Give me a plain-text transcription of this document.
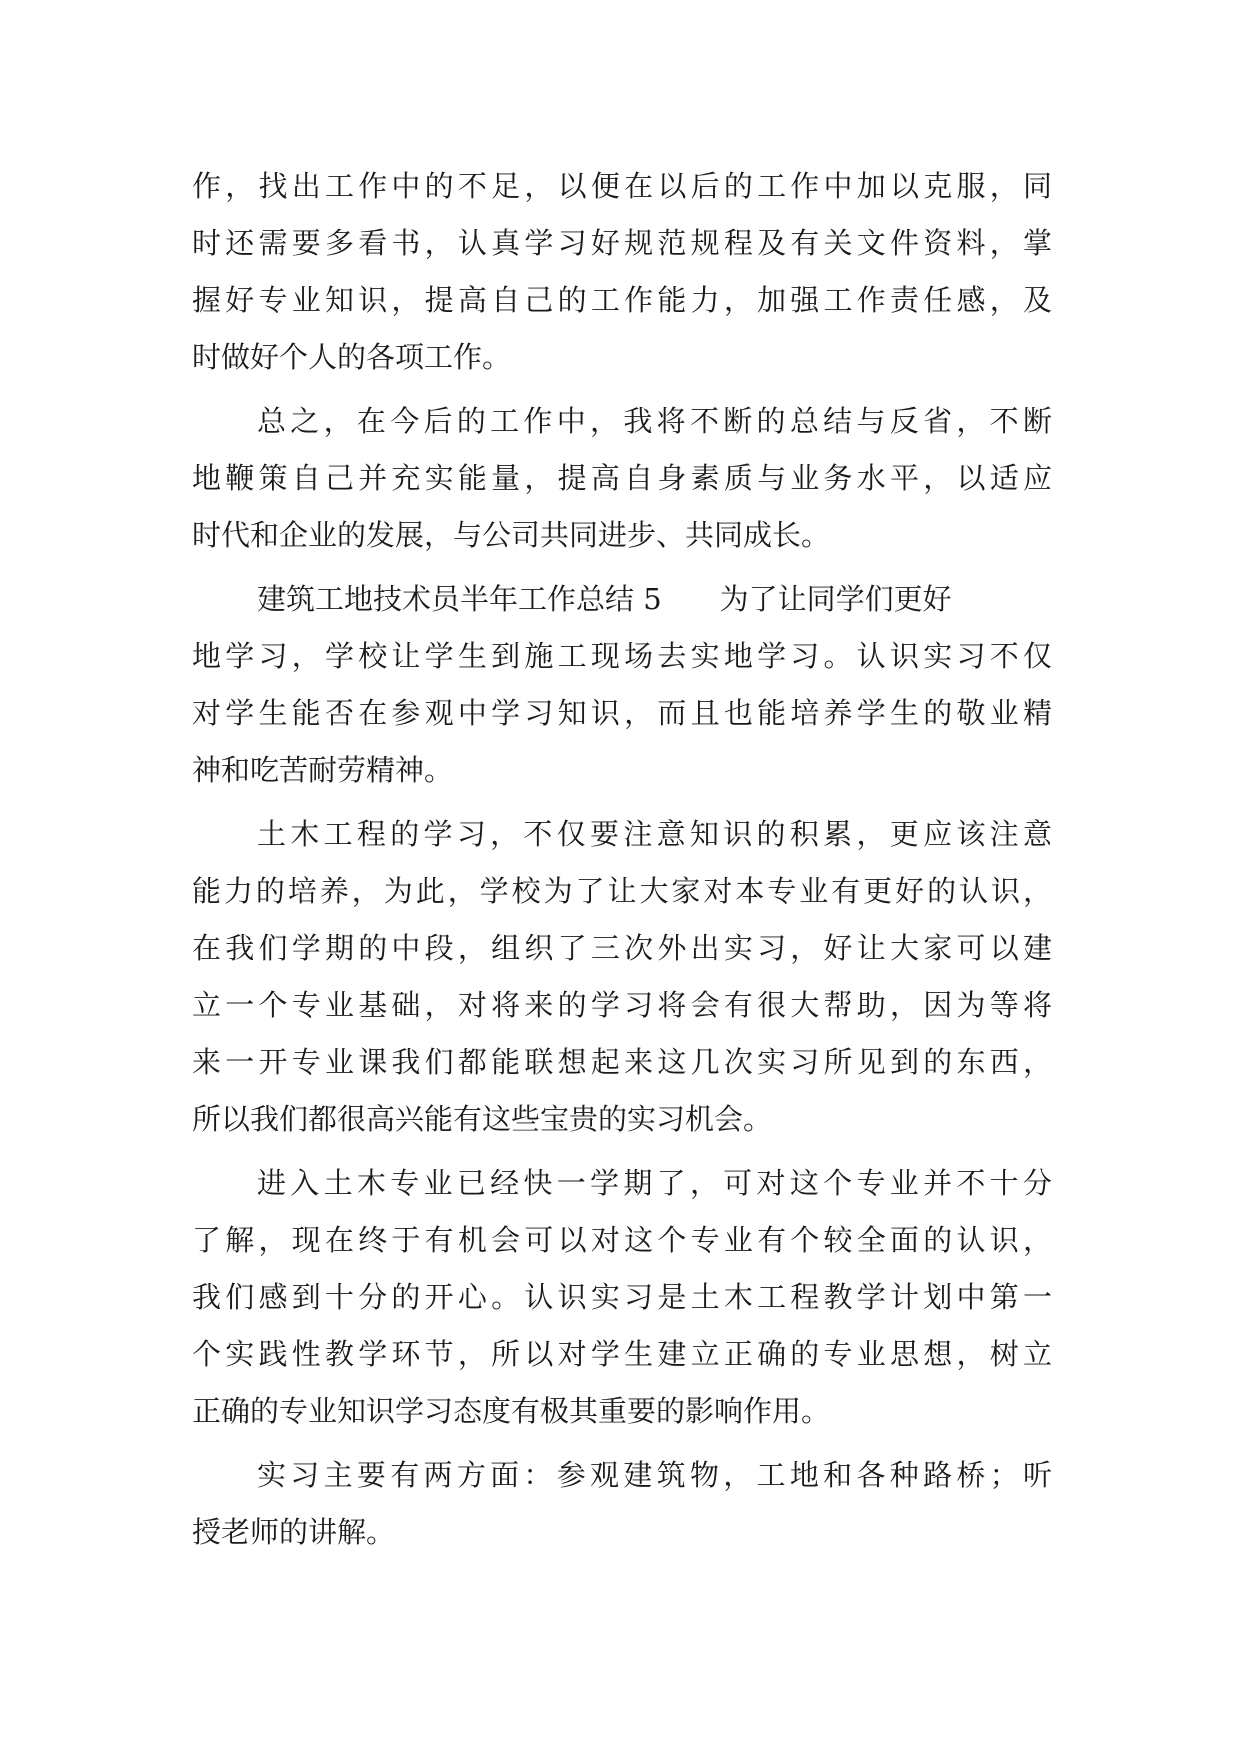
作，找出工作中的不足，以便在以后的工作中加以克服，同
时还需要多看书，认真学习好规范规程及有关文件资料，掌
握好专业知识，提高自己的工作能力，加强工作责任感，及
时做好个人的各项工作。
总之，在今后的工作中，我将不断的总结与反省，不断
地鞭策自己并充实能量，提高自身素质与业务水平，以适应
时代和企业的发展，与公司共同进步、共同成长。
建筑工地技术员半年工作总结 5　　为了让同学们更好
地学习，学校让学生到施工现场去实地学习。认识实习不仅
对学生能否在参观中学习知识，而且也能培养学生的敬业精
神和吃苦耐劳精神。
土木工程的学习，不仅要注意知识的积累，更应该注意
能力的培养，为此，学校为了让大家对本专业有更好的认识，
在我们学期的中段，组织了三次外出实习，好让大家可以建
立一个专业基础，对将来的学习将会有很大帮助，因为等将
来一开专业课我们都能联想起来这几次实习所见到的东西，
所以我们都很高兴能有这些宝贵的实习机会。
进入土木专业已经快一学期了，可对这个专业并不十分
了解，现在终于有机会可以对这个专业有个较全面的认识，
我们感到十分的开心。认识实习是土木工程教学计划中第一
个实践性教学环节，所以对学生建立正确的专业思想，树立
正确的专业知识学习态度有极其重要的影响作用。
实习主要有两方面：参观建筑物，工地和各种路桥；听
授老师的讲解。
